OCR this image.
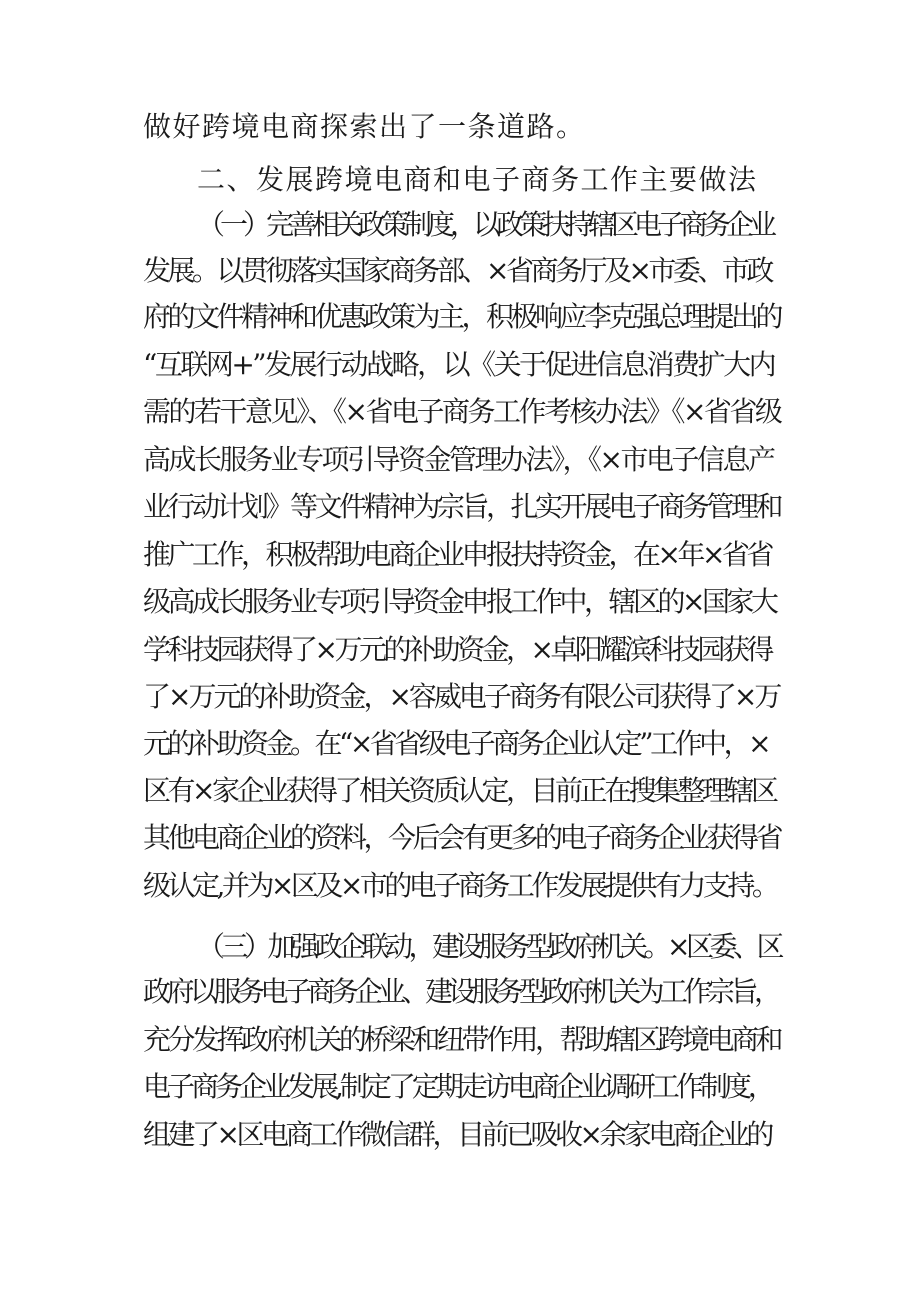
做好跨境电商探索出了一条道路。
二、发展跨境电商和电子商务工作主要做法
（一）完善相关政策制度，以政策扶持辖区电子商务企业
发展。以贯彻落实国家商务部、×省商务厅及×市委、市政
府的文件精神和优惠政策为主，积极响应李克强总理提出的
“互联网+”发展行动战略，以《关于促进信息消费扩大内
需的若干意见》、《×省电子商务工作考核办法》《×省省级
高成长服务业专项引导资金管理办法》，《×市电子信息产
业行动计划》等文件精神为宗旨，扎实开展电子商务管理和
推广工作，积极帮助电商企业申报扶持资金，在×年×省省
级高成长服务业专项引导资金申报工作中，辖区的×国家大
学科技园获得了×万元的补助资金，×卓阳耀滨科技园获得
了×万元的补助资金，×容威电子商务有限公司获得了×万
元的补助资金。在“×省省级电子商务企业认定”工作中，×
区有×家企业获得了相关资质认定，目前正在搜集整理辖区
其他电商企业的资料，今后会有更多的电子商务企业获得省
级认定,并为×区及×市的电子商务工作发展提供有力支持。
（三）加强政企联动，建设服务型政府机关。×区委、区
政府以服务电子商务企业、建设服务型政府机关为工作宗旨，
充分发挥政府机关的桥梁和纽带作用，帮助辖区跨境电商和
电子商务企业发展,制定了定期走访电商企业调研工作制度，
组建了×区电商工作微信群，目前已吸收×余家电商企业的
